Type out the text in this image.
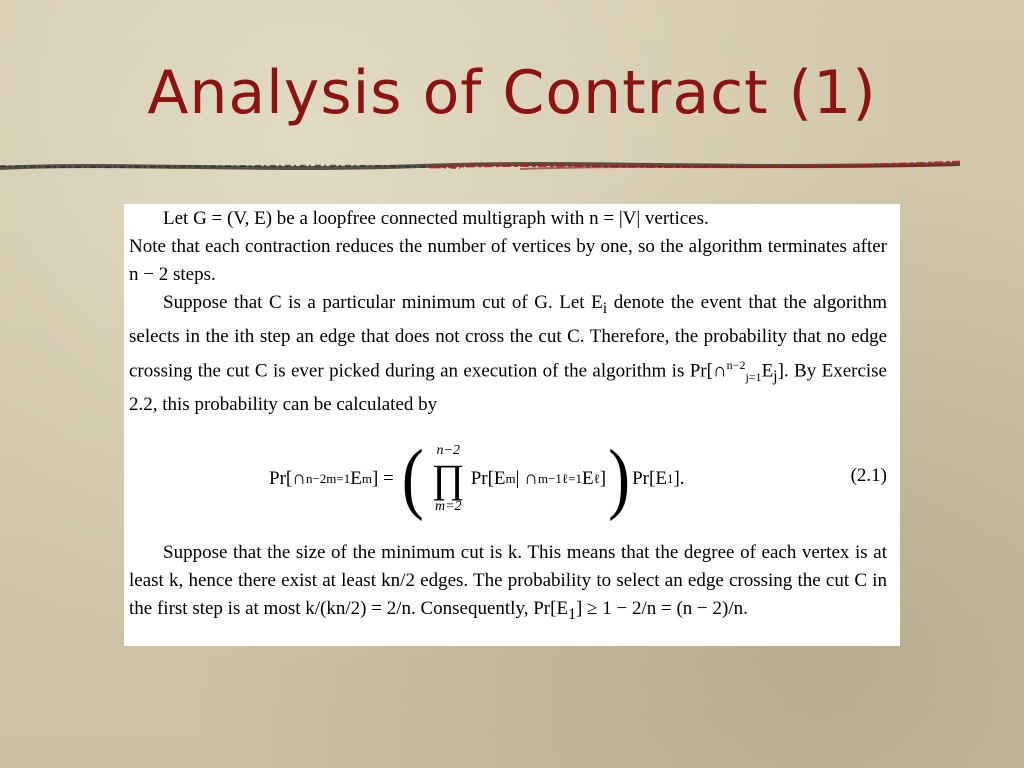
Analysis of Contract (1)

Let G = (V, E) be a loopfree connected multigraph with n = |V| vertices.

Note that each contraction reduces the number of vertices by one, so the algorithm terminates after n − 2 steps.

Suppose that C is a particular minimum cut of G. Let $E_i$ denote the event that the algorithm selects in the ith step an edge that does not cross the cut C. Therefore, the probability that no edge crossing the cut C is ever picked during an execution of the algorithm is $Pr[\cap^{n-2}_{j=1}E_j]$. By Exercise 2.2, this probability can be calculated by

Pr[∩ n−2 m=1 E m ] = ( n−2
∏
m=2
Pr[E m | ∩ m−1 ℓ=1 E ℓ ] ) Pr[E 1 ].	(2.1)

Suppose that the size of the minimum cut is k. This means that the degree of each vertex is at least k, hence there exist at least kn/2 edges. The probability to select an edge crossing the cut C in the first step is at most k/(kn/2) = 2/n. Consequently, $Pr[E_1] \ge 1 - 2/n = (n - 2)/n$.
